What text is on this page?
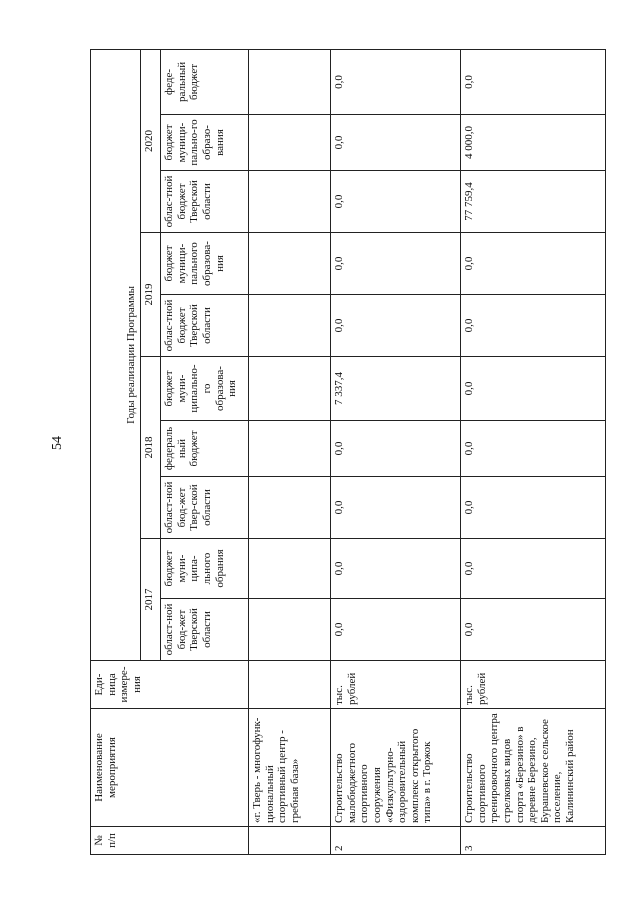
54
№ п/п	Наименование мероприятия	Еди-ница измере-ния	Годы реализации Программы									
			2017		2018			2019		2020		
			област-ной бюд-жет Тверской области	бюджет муни-ципа-льного обрания	област-ной бюд-жет Твер-ской области	федераль ный бюджет	бюджет муни-ципально-го образова-ния	облас-тной бюджет Тверской области	бюджет муници-пального образова-ния	облас-тной бюджет Тверской области	бюджет муници-пально-го образо-вания	феде-ральный бюджет
	«г. Тверь - многофунк-циональный спортивный центр - гребная база»											
2	Строительство малобюджетного спортивного сооружения «Физкультурно-оздоровительный комплекс открытого типа» в г. Торжок	тыс. рублей	0,0	0,0	0,0	0,0	7 337,4	0,0	0,0	0,0	0,0	0,0
3	Строительство спортивного тренировочного центра стрелковых видов спорта «Березино» в деревне Березино, Бурашевское сельское поселение, Калининский район	тыс. рублей	0,0	0,0	0,0	0,0	0,0	0,0	0,0	77 759,4	4 000,0	0,0
